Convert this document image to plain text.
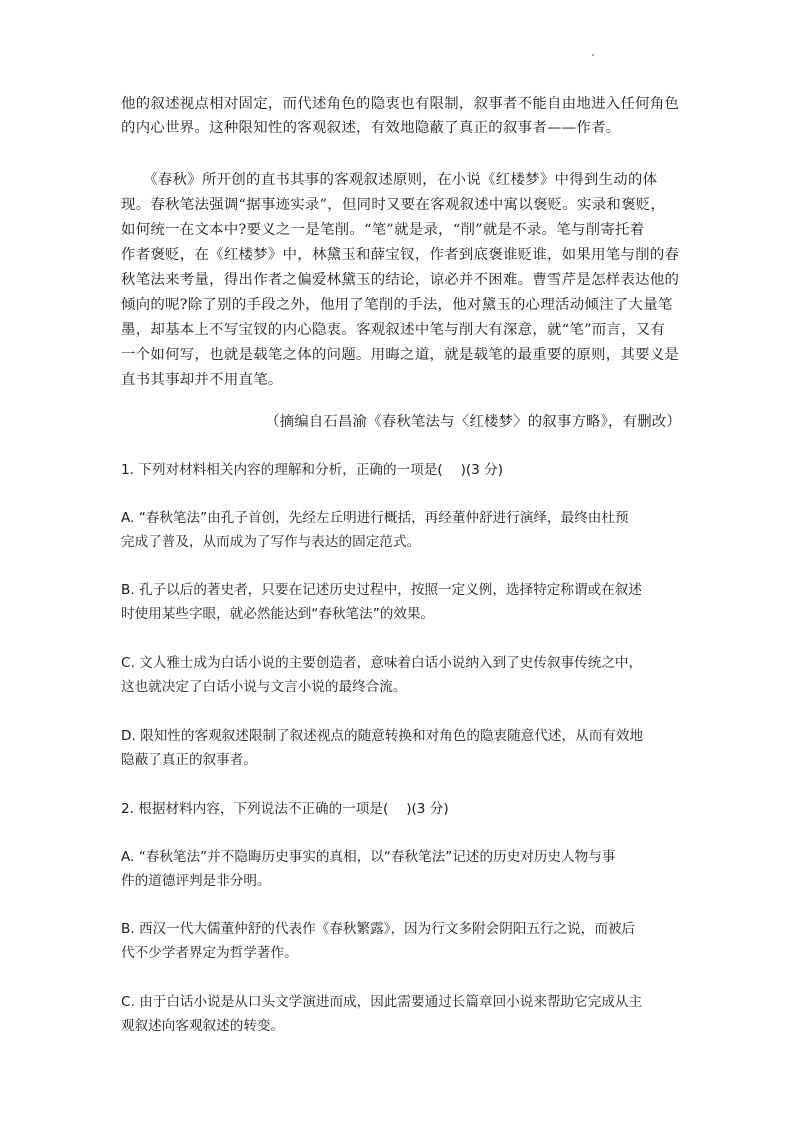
他的叙述视点相对固定，而代述角色的隐衷也有限制，叙事者不能自由地进入任何角色
的内心世界。这种限知性的客观叙述，有效地隐蔽了真正的叙事者——作者。

　　《春秋》所开创的直书其事的客观叙述原则，在小说《红楼梦》中得到生动的体
现。春秋笔法强调“据事迹实录”，但同时又要在客观叙述中寓以褒贬。实录和褒贬，
如何统一在文本中?要义之一是笔削。“笔”就是录，“削”就是不录。笔与削寄托着
作者褒贬，在《红楼梦》中，林黛玉和薛宝钗，作者到底褒谁贬谁，如果用笔与削的春
秋笔法来考量，得出作者之偏爱林黛玉的结论，谅必并不困难。曹雪芹是怎样表达他的
倾向的呢?除了别的手段之外，他用了笔削的手法，他对黛玉的心理活动倾注了大量笔
墨，却基本上不写宝钗的内心隐衷。客观叙述中笔与削大有深意，就“笔”而言，又有
一个如何写，也就是载笔之体的问题。用晦之道，就是载笔的最重要的原则，其要义是
直书其事却并不用直笔。

（摘编自石昌渝《春秋笔法与〈红楼梦〉的叙事方略》，有删改）

1. 下列对材料相关内容的理解和分析，正确的一项是(　 )(3 分)

A. “春秋笔法”由孔子首创，先经左丘明进行概括，再经董仲舒进行演绎，最终由杜预
完成了普及，从而成为了写作与表达的固定范式。

B. 孔子以后的著史者，只要在记述历史过程中，按照一定义例，选择特定称谓或在叙述
时使用某些字眼，就必然能达到“春秋笔法”的效果。

C. 文人雅士成为白话小说的主要创造者，意味着白话小说纳入到了史传叙事传统之中，
这也就决定了白话小说与文言小说的最终合流。

D. 限知性的客观叙述限制了叙述视点的随意转换和对角色的隐衷随意代述，从而有效地
隐蔽了真正的叙事者。

2. 根据材料内容，下列说法不正确的一项是(　 )(3 分)

A. “春秋笔法”并不隐晦历史事实的真相，以“春秋笔法”记述的历史对历史人物与事
件的道德评判是非分明。

B. 西汉一代大儒董仲舒的代表作《春秋繁露》，因为行文多附会阴阳五行之说，而被后
代不少学者界定为哲学著作。

C. 由于白话小说是从口头文学演进而成，因此需要通过长篇章回小说来帮助它完成从主
观叙述向客观叙述的转变。
